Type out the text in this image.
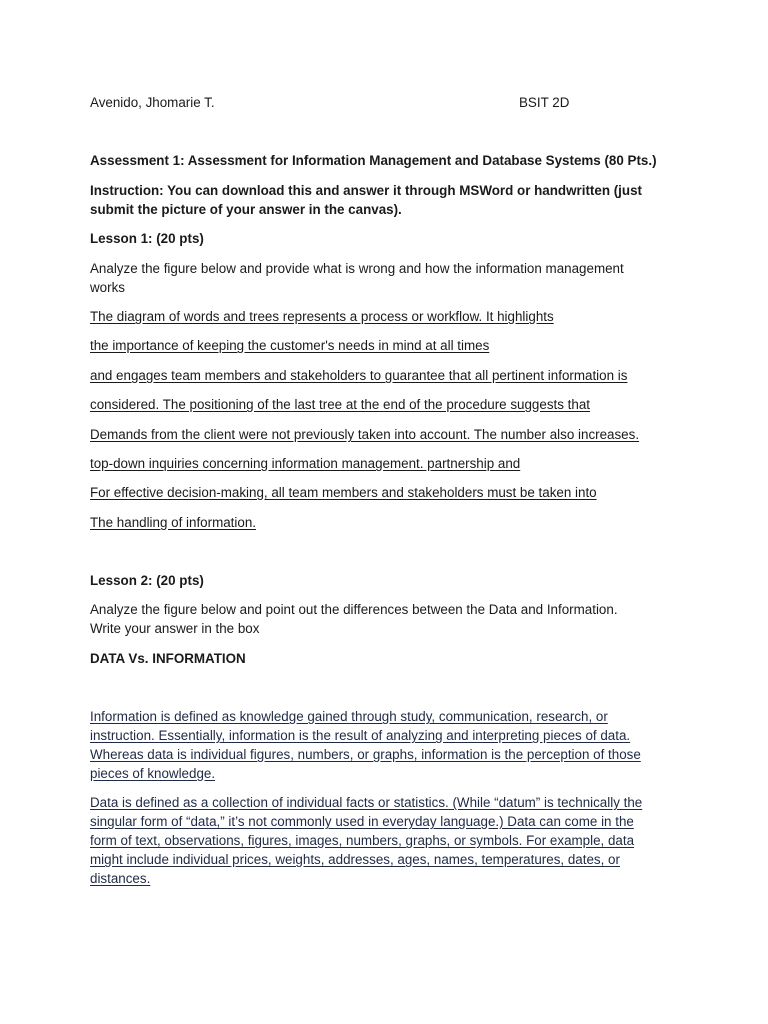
Avenido, Jhomarie T.	BSIT 2D
Assessment 1: Assessment for Information Management and Database Systems (80 Pts.)
Instruction: You can download this and answer it through MSWord or handwritten (just
submit the picture of your answer in the canvas).
Lesson 1: (20 pts)
Analyze the figure below and provide what is wrong and how the information management
works
The diagram of words and trees represents a process or workflow. It highlights
the importance of keeping the customer's needs in mind at all times
and engages team members and stakeholders to guarantee that all pertinent information is
considered. The positioning of the last tree at the end of the procedure suggests that
Demands from the client were not previously taken into account. The number also increases.
top-down inquiries concerning information management. partnership and
For effective decision-making, all team members and stakeholders must be taken into
The handling of information.
Lesson 2: (20 pts)
Analyze the figure below and point out the differences between the Data and Information.
Write your answer in the box
DATA Vs. INFORMATION
Information is defined as knowledge gained through study, communication, research, or
instruction. Essentially, information is the result of analyzing and interpreting pieces of data.
Whereas data is individual figures, numbers, or graphs, information is the perception of those
pieces of knowledge.
Data is defined as a collection of individual facts or statistics. (While “datum” is technically the
singular form of “data,” it’s not commonly used in everyday language.) Data can come in the
form of text, observations, figures, images, numbers, graphs, or symbols. For example, data
might include individual prices, weights, addresses, ages, names, temperatures, dates, or
distances.
